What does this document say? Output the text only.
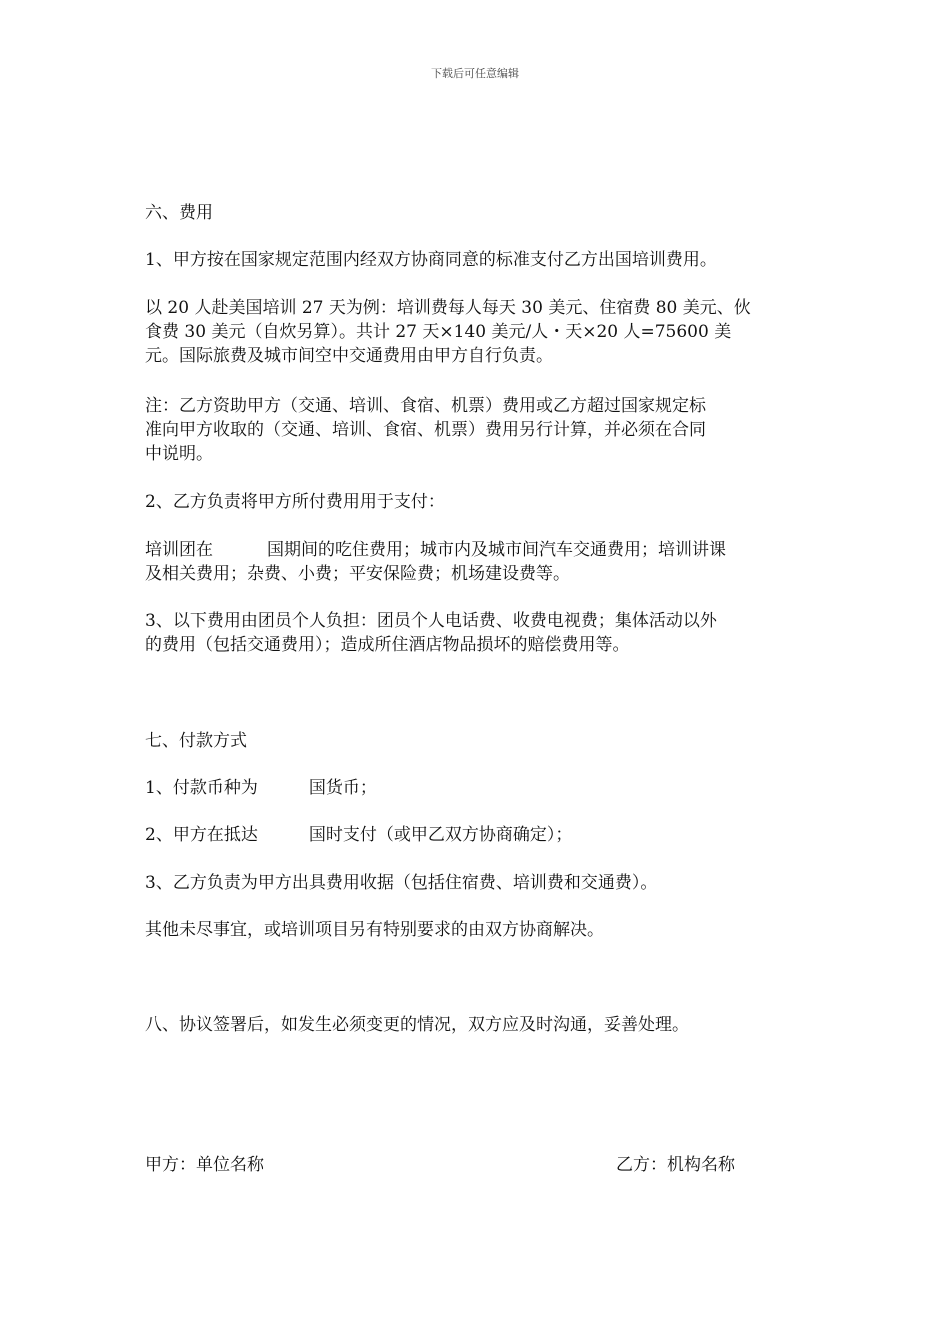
下载后可任意编辑
六、费用
1、甲方按在国家规定范围内经双方协商同意的标准支付乙方出国培训费用。
以 20 人赴美国培训 27 天为例：培训费每人每天 30 美元、住宿费 80 美元、伙
食费 30 美元（自炊另算）。共计 27 天×140 美元/人・天×20 人=75600 美
元。国际旅费及城市间空中交通费用由甲方自行负责。
注：乙方资助甲方（交通、培训、食宿、机票）费用或乙方超过国家规定标
准向甲方收取的（交通、培训、食宿、机票）费用另行计算，并必须在合同
中说明。
2、乙方负责将甲方所付费用用于支付：
培训团在	国期间的吃住费用；城市内及城市间汽车交通费用；培训讲课
及相关费用；杂费、小费；平安保险费；机场建设费等。
3、以下费用由团员个人负担：团员个人电话费、收费电视费；集体活动以外
的费用（包括交通费用）；造成所住酒店物品损坏的赔偿费用等。
七、付款方式
1、付款币种为	国货币；
2、甲方在抵达	国时支付（或甲乙双方协商确定）；
3、乙方负责为甲方出具费用收据（包括住宿费、培训费和交通费）。
其他未尽事宜，或培训项目另有特别要求的由双方协商解决。
八、协议签署后，如发生必须变更的情况，双方应及时沟通，妥善处理。
甲方：单位名称	乙方：机构名称
